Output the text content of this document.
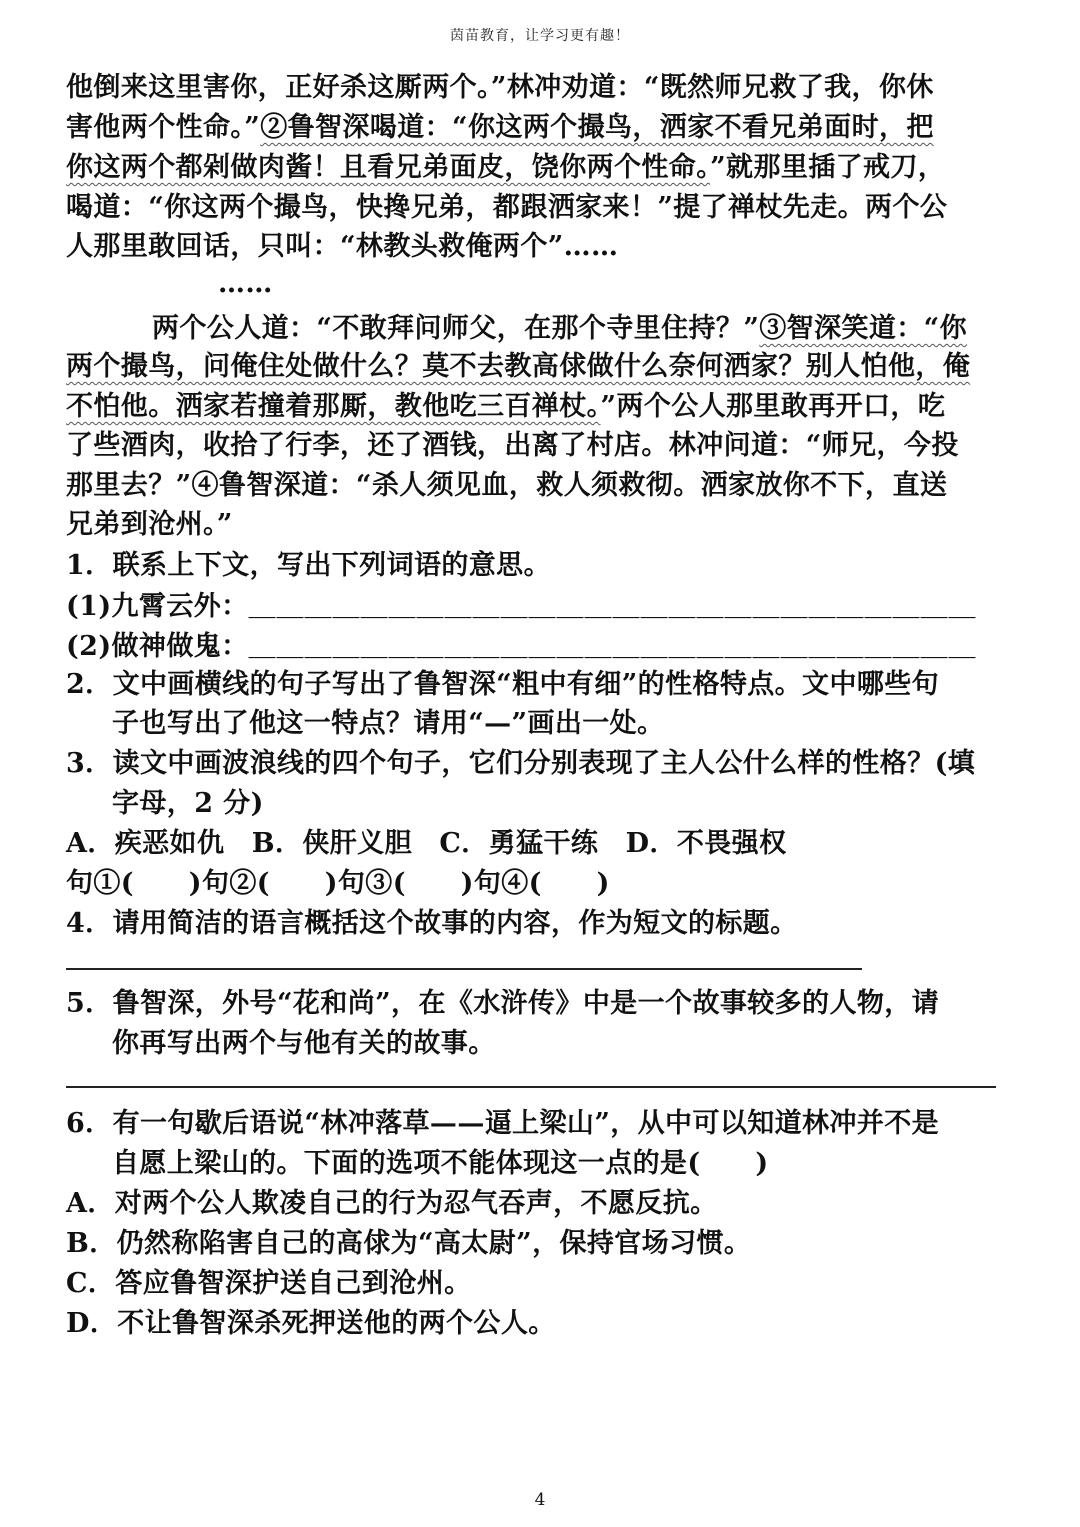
茵苗教育，让学习更有趣！
他倒来这里害你，正好杀这厮两个。”林冲劝道：“既然师兄救了我，你休
害他两个性命。”②鲁智深喝道：“你这两个撮鸟，洒家不看兄弟面时，把
你这两个都剁做肉酱！且看兄弟面皮，饶你两个性命。”就那里插了戒刀，
喝道：“你这两个撮鸟，快搀兄弟，都跟洒家来！”提了禅杖先走。两个公
人那里敢回话，只叫：“林教头救俺两个”……
……
两个公人道：“不敢拜问师父，在那个寺里住持？”③智深笑道：“你
两个撮鸟，问俺住处做什么？莫不去教高俅做什么奈何洒家？别人怕他，俺
不怕他。洒家若撞着那厮，教他吃三百禅杖。”两个公人那里敢再开口，吃
了些酒肉，收拾了行李，还了酒钱，出离了村店。林冲问道：“师兄，今投
那里去？”④鲁智深道：“杀人须见血，救人须救彻。洒家放你不下，直送
兄弟到沧州。”
1．联系上下文，写出下列词语的意思。
(1)九霄云外：＿＿＿＿＿＿＿＿＿＿＿＿＿＿＿＿＿＿＿＿＿＿＿＿＿＿
(2)做神做鬼：＿＿＿＿＿＿＿＿＿＿＿＿＿＿＿＿＿＿＿＿＿＿＿＿＿＿
2．文中画横线的句子写出了鲁智深“粗中有细”的性格特点。文中哪些句
子也写出了他这一特点？请用“—”画出一处。
3．读文中画波浪线的四个句子，它们分别表现了主人公什么样的性格？(填
字母，2 分)
A．疾恶如仇　B．侠肝义胆　C．勇猛干练　D．不畏强权
句①(　　)句②(　　)句③(　　)句④(　　)
4．请用简洁的语言概括这个故事的内容，作为短文的标题。
5．鲁智深，外号“花和尚”，在《水浒传》中是一个故事较多的人物，请
你再写出两个与他有关的故事。
6．有一句歇后语说“林冲落草——逼上梁山”，从中可以知道林冲并不是
自愿上梁山的。下面的选项不能体现这一点的是(　　)
A．对两个公人欺凌自己的行为忍气吞声，不愿反抗。
B．仍然称陷害自己的高俅为“高太尉”，保持官场习惯。
C．答应鲁智深护送自己到沧州。
D．不让鲁智深杀死押送他的两个公人。
4
